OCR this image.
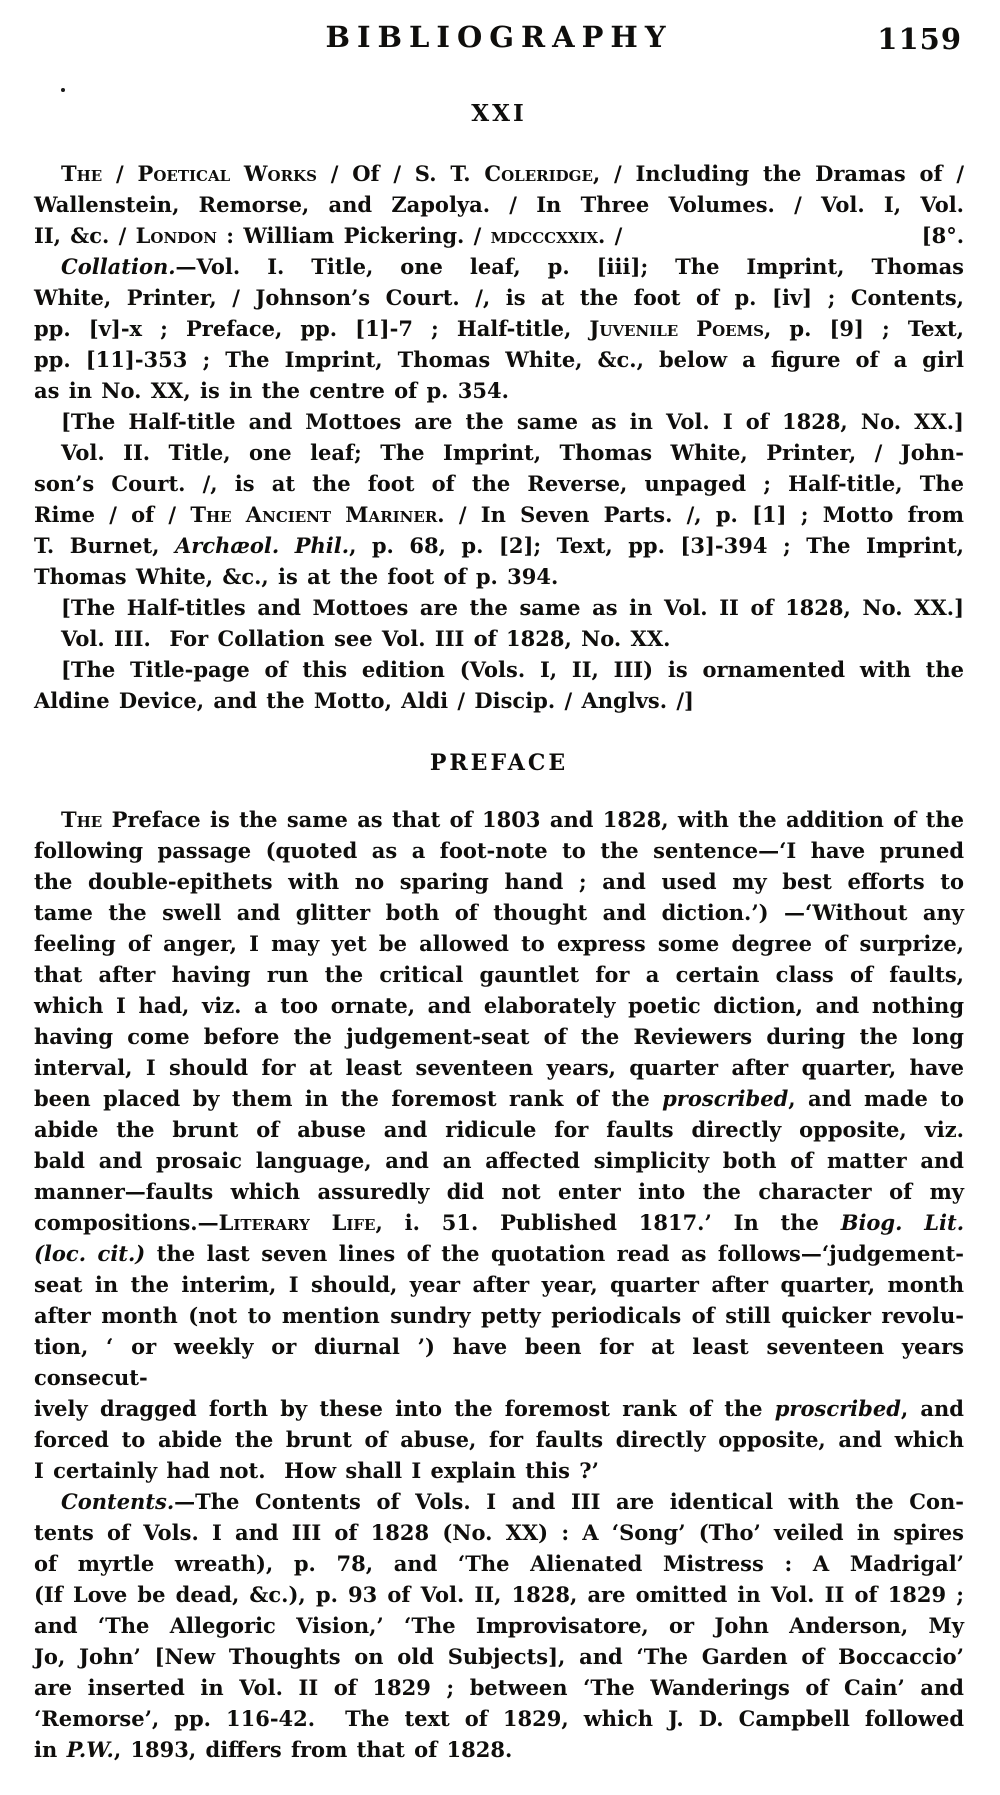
BIBLIOGRAPHY	1159
XXI
The / Poetical Works / Of / S. T. Coleridge, / Including the Dramas of /
Wallenstein, Remorse, and Zapolya. / In Three Volumes. / Vol. I, Vol.
[8°.
II, &c. / London : William Pickering. / mdcccxxix. /
Collation.—Vol. I. Title, one leaf, p. [iii]; The Imprint, Thomas
White, Printer, / Johnson’s Court. /, is at the foot of p. [iv] ; Contents,
pp. [v]-x ; Preface, pp. [1]-7 ; Half-title, Juvenile Poems, p. [9] ; Text,
pp. [11]-353 ; The Imprint, Thomas White, &c., below a figure of a girl
as in No. XX, is in the centre of p. 354.
[The Half-title and Mottoes are the same as in Vol. I of 1828, No. XX.]
Vol. II. Title, one leaf; The Imprint, Thomas White, Printer, / John-
son’s Court. /, is at the foot of the Reverse, unpaged ; Half-title, The
Rime / of / The Ancient Mariner. / In Seven Parts. /, p. [1] ; Motto from
T. Burnet, Archæol. Phil., p. 68, p. [2]; Text, pp. [3]-394 ; The Imprint,
Thomas White, &c., is at the foot of p. 394.
[The Half-titles and Mottoes are the same as in Vol. II of 1828, No. XX.]
Vol. III.  For Collation see Vol. III of 1828, No. XX.
[The Title-page of this edition (Vols. I, II, III) is ornamented with the
Aldine Device, and the Motto, Aldi / Discip. / Anglvs. /]
PREFACE
The Preface is the same as that of 1803 and 1828, with the addition of the
following passage (quoted as a foot-note to the sentence—‘I have pruned
the double-epithets with no sparing hand ; and used my best efforts to
tame the swell and glitter both of thought and diction.’) —‘Without any
feeling of anger, I may yet be allowed to express some degree of surprize,
that after having run the critical gauntlet for a certain class of faults,
which I had, viz. a too ornate, and elaborately poetic diction, and nothing
having come before the judgement-seat of the Reviewers during the long
interval, I should for at least seventeen years, quarter after quarter, have
been placed by them in the foremost rank of the proscribed, and made to
abide the brunt of abuse and ridicule for faults directly opposite, viz.
bald and prosaic language, and an affected simplicity both of matter and
manner—faults which assuredly did not enter into the character of my
compositions.—Literary Life, i. 51. Published 1817.’ In the Biog. Lit.
(loc. cit.) the last seven lines of the quotation read as follows—‘judgement-
seat in the interim, I should, year after year, quarter after quarter, month
after month (not to mention sundry petty periodicals of still quicker revolu-
tion, ‘ or weekly or diurnal ’) have been for at least seventeen years consecut-
ively dragged forth by these into the foremost rank of the proscribed, and
forced to abide the brunt of abuse, for faults directly opposite, and which
I certainly had not.  How shall I explain this ?’
Contents.—The Contents of Vols. I and III are identical with the Con-
tents of Vols. I and III of 1828 (No. XX) : A ‘Song’ (Tho’ veiled in spires
of myrtle wreath), p. 78, and ‘The Alienated Mistress : A Madrigal’
(If Love be dead, &c.), p. 93 of Vol. II, 1828, are omitted in Vol. II of 1829 ;
and ‘The Allegoric Vision,’ ‘The Improvisatore, or John Anderson, My
Jo, John’ [New Thoughts on old Subjects], and ‘The Garden of Boccaccio’
are inserted in Vol. II of 1829 ; between ‘The Wanderings of Cain’ and
‘Remorse’, pp. 116-42.  The text of 1829, which J. D. Campbell followed
in P.W., 1893, differs from that of 1828.
